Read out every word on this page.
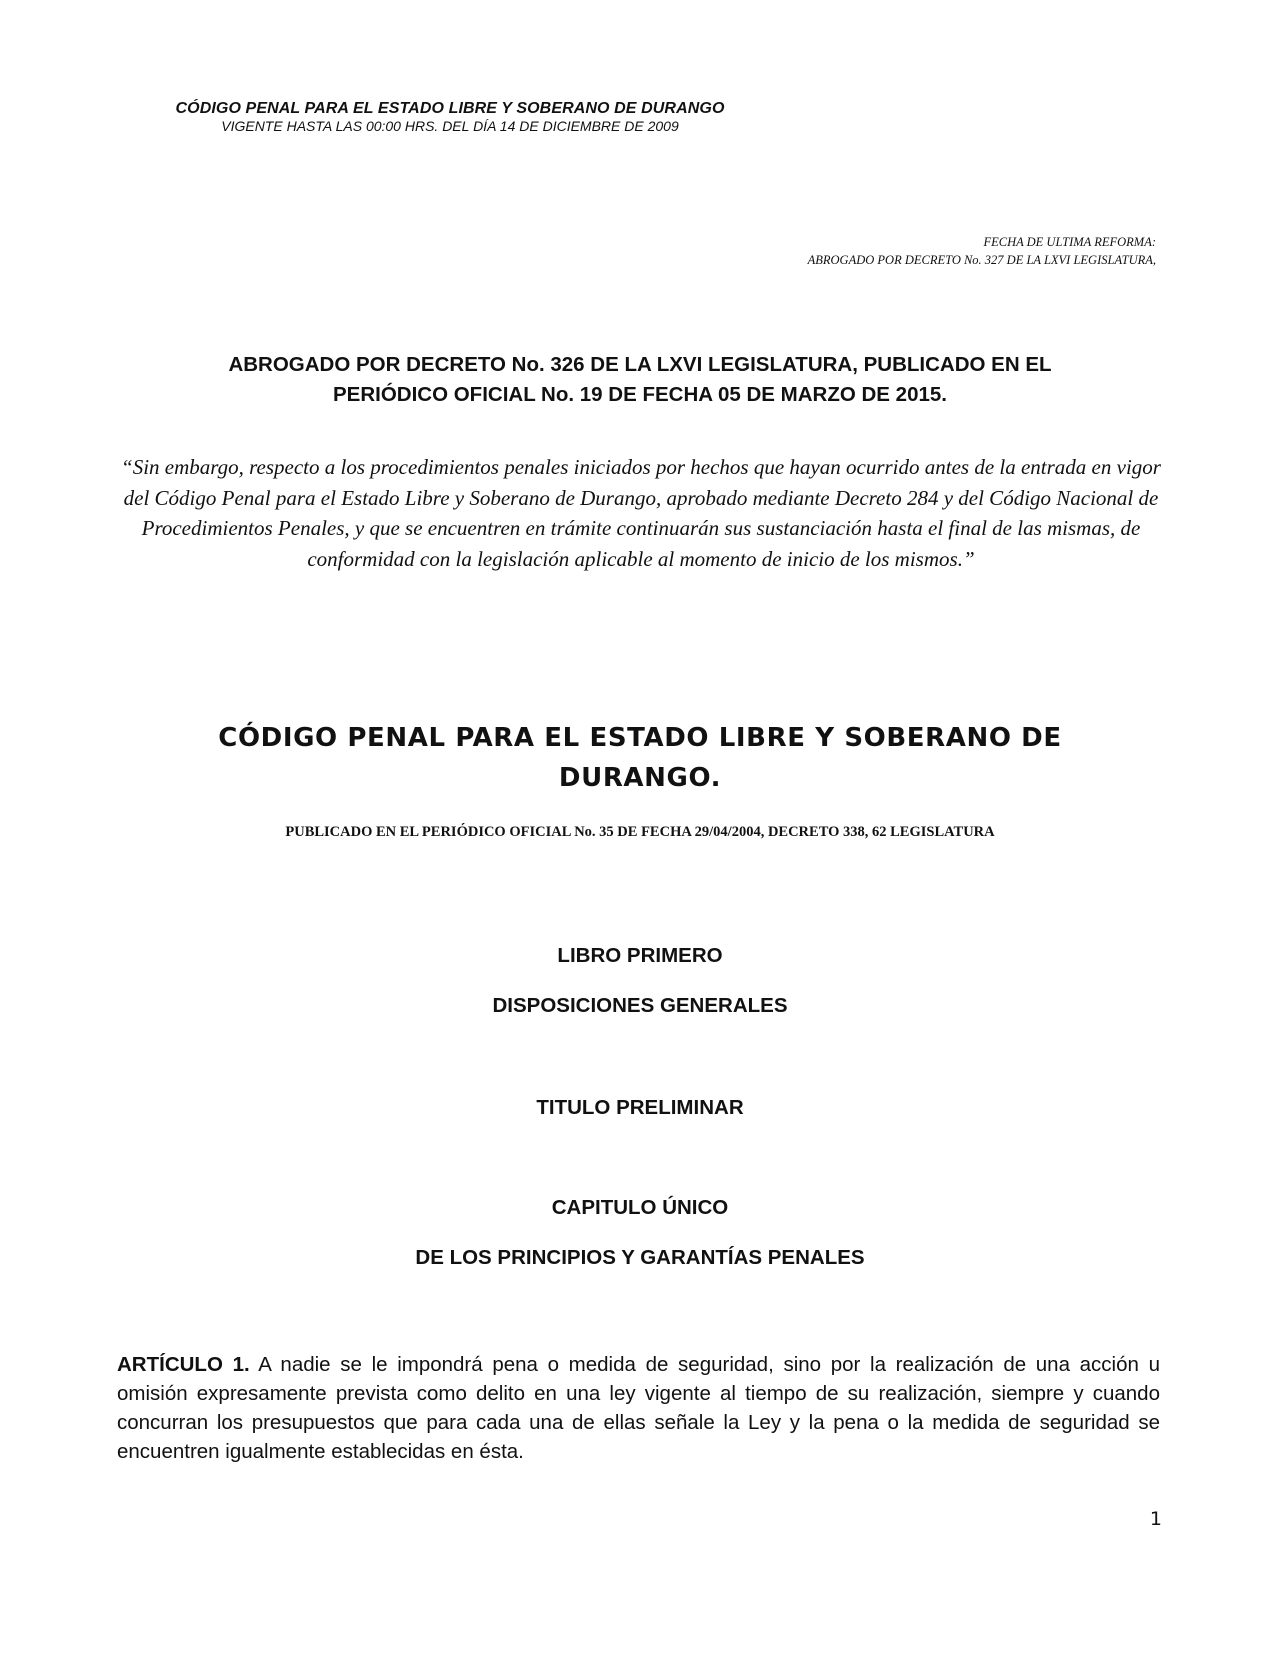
CÓDIGO PENAL PARA EL ESTADO LIBRE Y SOBERANO DE DURANGO
VIGENTE HASTA LAS 00:00 HRS. DEL DÍA 14 DE DICIEMBRE DE 2009
FECHA DE ULTIMA REFORMA:
ABROGADO POR DECRETO No. 327 DE LA LXVI LEGISLATURA,
ABROGADO POR DECRETO No. 326 DE LA LXVI LEGISLATURA, PUBLICADO EN EL
PERIÓDICO OFICIAL No. 19 DE FECHA 05 DE MARZO DE 2015.
“Sin embargo, respecto a los procedimientos penales iniciados por hechos que hayan ocurrido antes de la entrada en vigor del Código Penal para el Estado Libre y Soberano de Durango, aprobado mediante Decreto 284 y del Código Nacional de Procedimientos Penales, y que se encuentren en trámite continuarán sus sustanciación hasta el final de las mismas, de conformidad con la legislación aplicable al momento de inicio de los mismos.”
CÓDIGO PENAL PARA EL ESTADO LIBRE Y SOBERANO DE
DURANGO.
PUBLICADO EN EL PERIÓDICO OFICIAL No. 35 DE FECHA 29/04/2004, DECRETO 338, 62 LEGISLATURA
LIBRO PRIMERO
DISPOSICIONES GENERALES
TITULO PRELIMINAR
CAPITULO ÚNICO
DE LOS PRINCIPIOS Y GARANTÍAS PENALES
ARTÍCULO 1. A nadie se le impondrá pena o medida de seguridad, sino por la realización de una acción u omisión expresamente prevista como delito en una ley vigente al tiempo de su realización, siempre y cuando concurran los presupuestos que para cada una de ellas señale la Ley y la pena o la medida de seguridad se encuentren igualmente establecidas en ésta.
1
